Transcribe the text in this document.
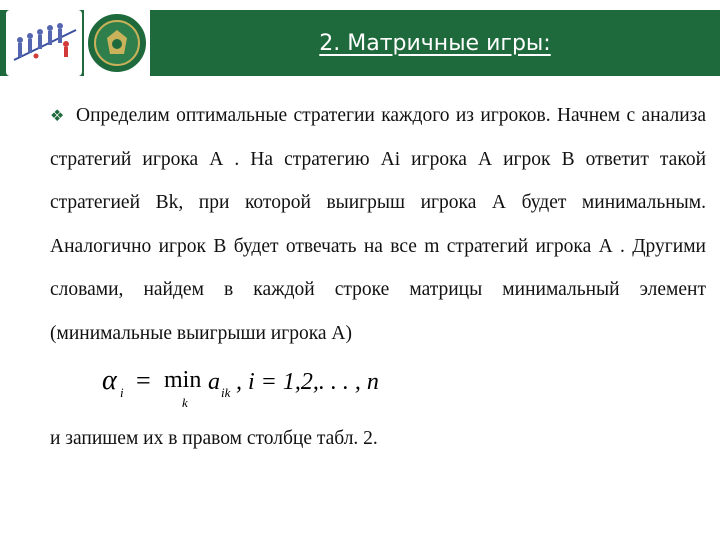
2. Матричные игры:

❖ Определим оптимальные стратегии каждого из игроков. Начнем с анализа стратегий игрока А . На стратегию Аi игрока А игрок В ответит такой стратегией Вk, при которой выигрыш игрока А будет минимальным. Аналогично игрок В будет отвечать на все m стратегий игрока А . Другими словами, найдем в каждой строке матрицы минимальный элемент (минимальные выигрыши игрока А)

α i = min
k
a ik , i = 1,2,. . . , n

и запишем их в правом столбце табл. 2.
